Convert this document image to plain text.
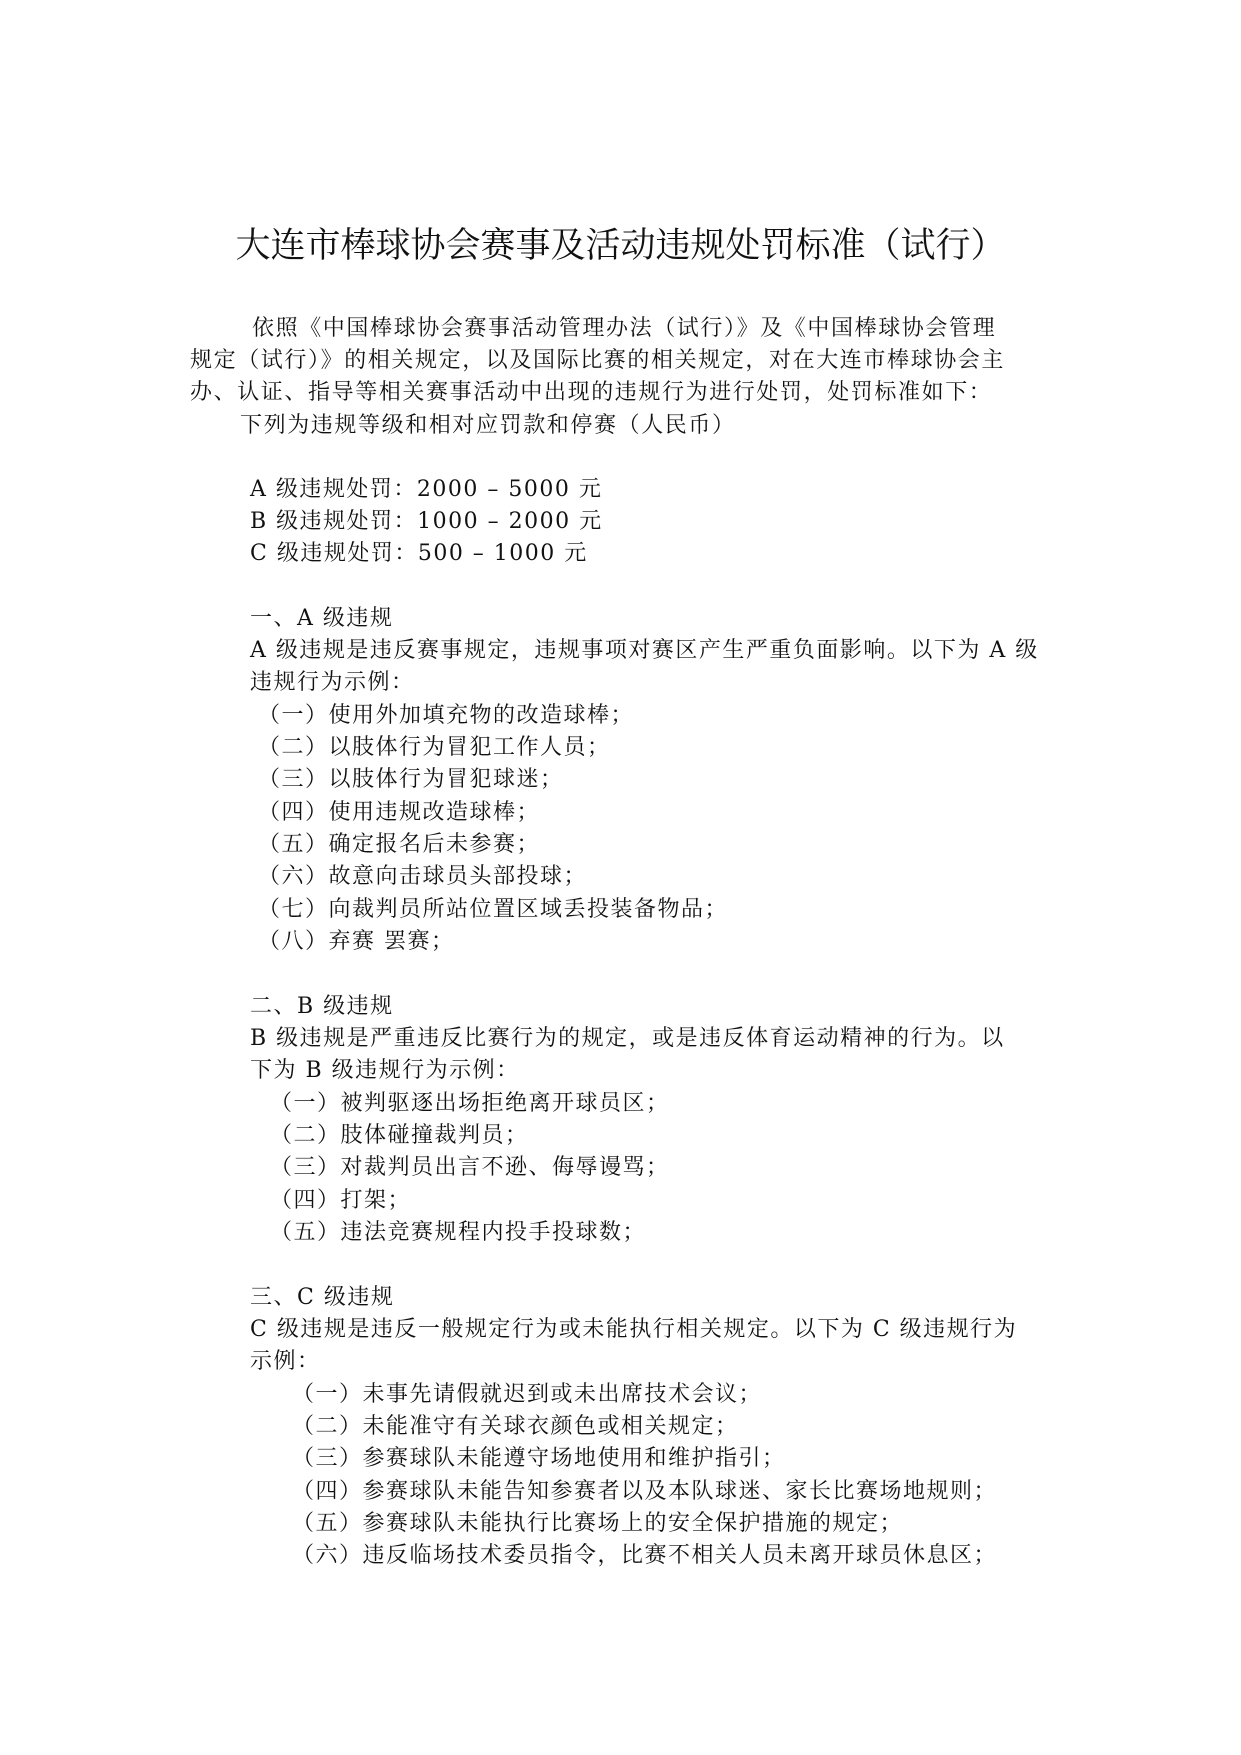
大连市棒球协会赛事及活动违规处罚标准（试行）
依照《中国棒球协会赛事活动管理办法（试行）》及《中国棒球协会管理
规定（试行）》的相关规定，以及国际比赛的相关规定，对在大连市棒球协会主
办、认证、指导等相关赛事活动中出现的违规行为进行处罚，处罚标准如下：
下列为违规等级和相对应罚款和停赛（人民币）
A 级违规处罚：2000 – 5000 元
B 级违规处罚：1000 – 2000 元
C 级违规处罚：500 – 1000 元
一、A 级违规
A 级违规是违反赛事规定，违规事项对赛区产生严重负面影响。以下为 A 级
违规行为示例：
（一）使用外加填充物的改造球棒；
（二）以肢体行为冒犯工作人员；
（三）以肢体行为冒犯球迷；
（四）使用违规改造球棒；
（五）确定报名后未参赛；
（六）故意向击球员头部投球；
（七）向裁判员所站位置区域丢投装备物品；
（八）弃赛 罢赛；
二、B 级违规
B 级违规是严重违反比赛行为的规定，或是违反体育运动精神的行为。以
下为 B 级违规行为示例：
（一）被判驱逐出场拒绝离开球员区；
（二）肢体碰撞裁判员；
（三）对裁判员出言不逊、侮辱谩骂；
（四）打架；
（五）违法竞赛规程内投手投球数；
三、C 级违规
C 级违规是违反一般规定行为或未能执行相关规定。以下为 C 级违规行为
示例：
（一）未事先请假就迟到或未出席技术会议；
（二）未能准守有关球衣颜色或相关规定；
（三）参赛球队未能遵守场地使用和维护指引；
（四）参赛球队未能告知参赛者以及本队球迷、家长比赛场地规则；
（五）参赛球队未能执行比赛场上的安全保护措施的规定；
（六）违反临场技术委员指令，比赛不相关人员未离开球员休息区；
